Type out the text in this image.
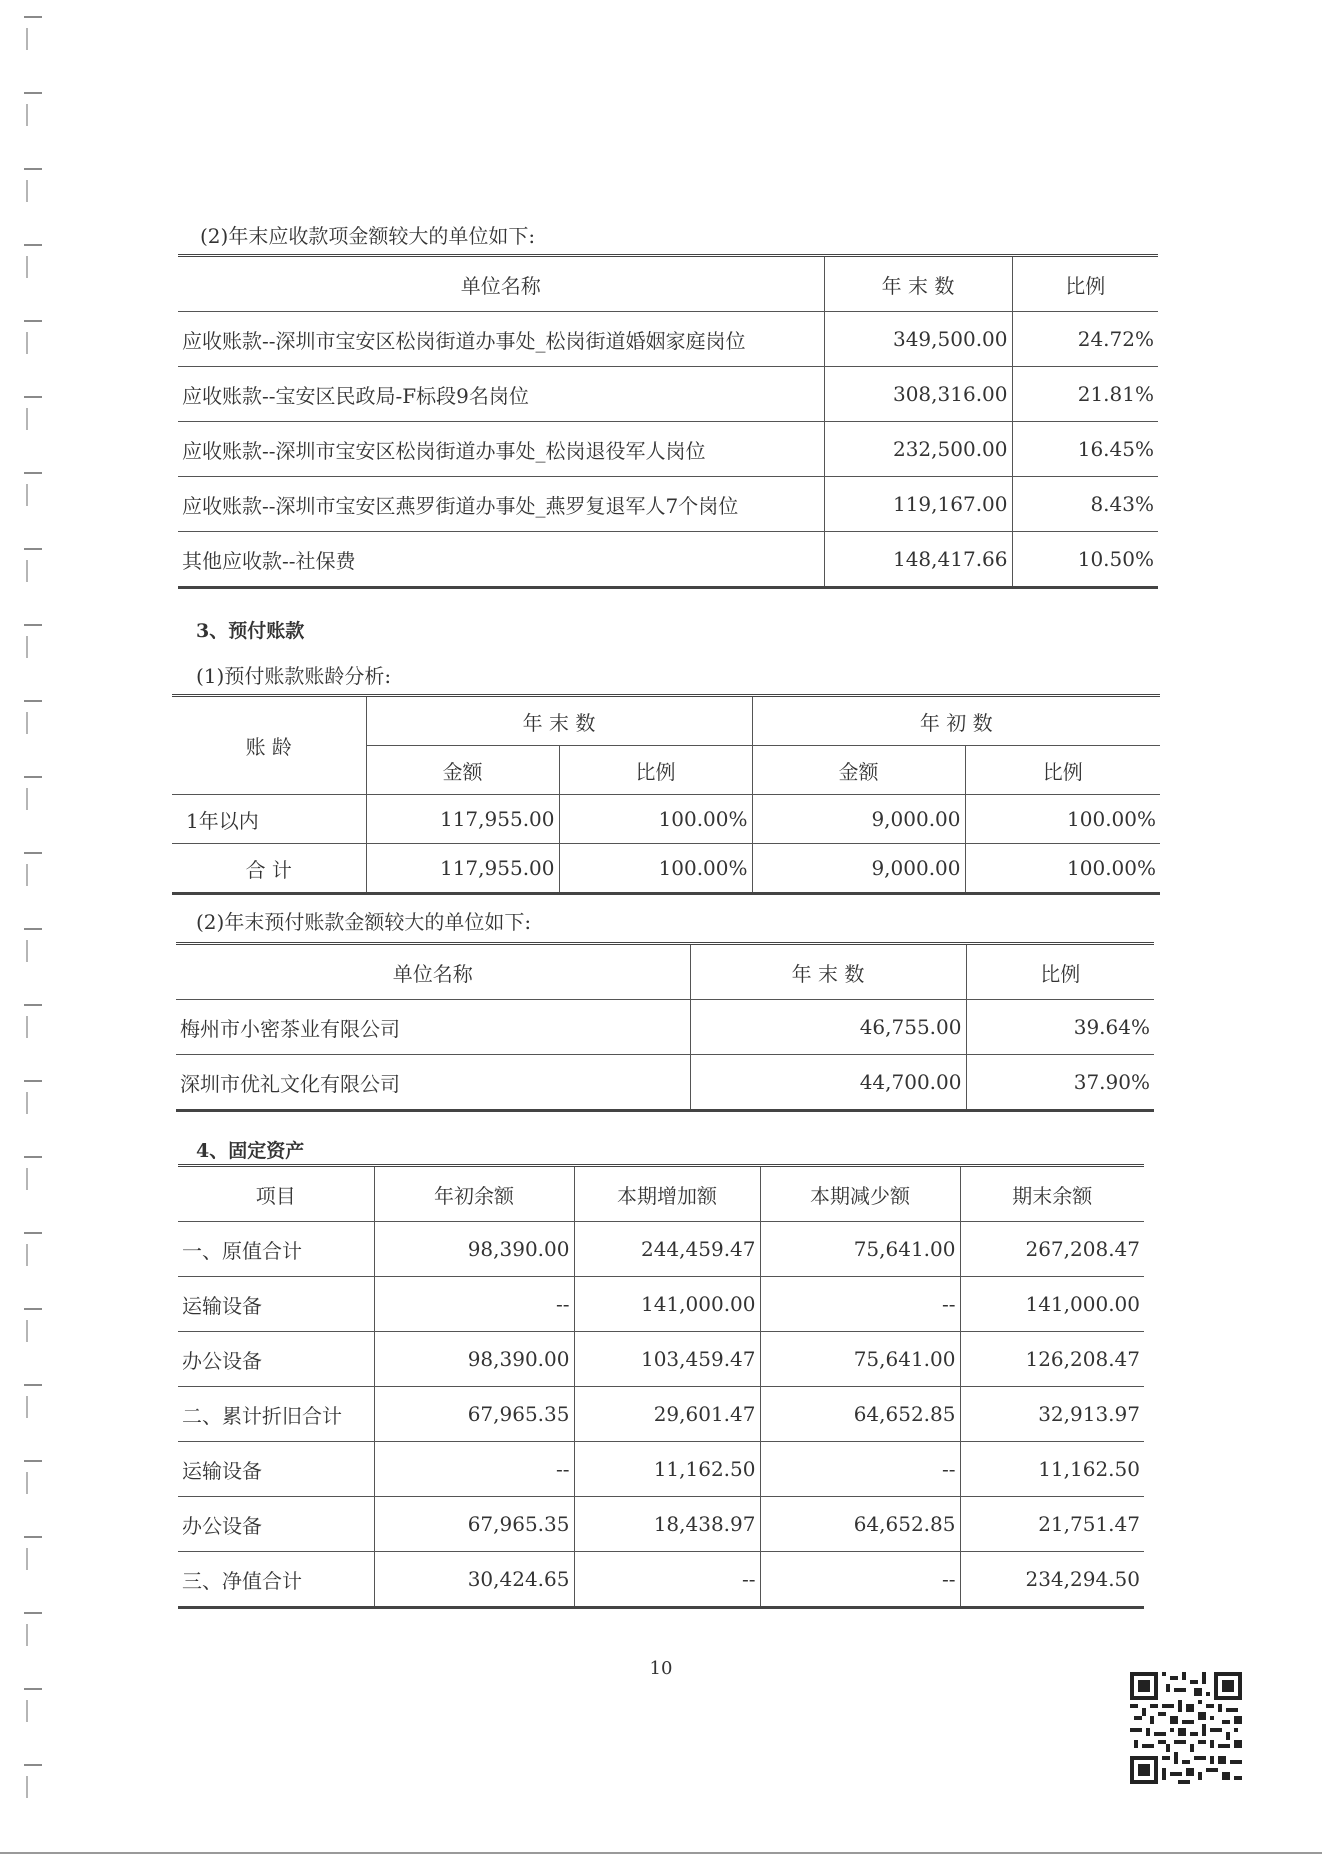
(2)年末应收款项金额较大的单位如下:
单位名称	年 末 数	比例
应收账款--深圳市宝安区松岗街道办事处_松岗街道婚姻家庭岗位	349,500.00	24.72%
应收账款--宝安区民政局-F标段9名岗位	308,316.00	21.81%
应收账款--深圳市宝安区松岗街道办事处_松岗退役军人岗位	232,500.00	16.45%
应收账款--深圳市宝安区燕罗街道办事处_燕罗复退军人7个岗位	119,167.00	8.43%
其他应收款--社保费	148,417.66	10.50%
3、预付账款
(1)预付账款账龄分析:
账 龄	年 末 数		年 初 数	
	金额	比例	金额	比例
1年以内	117,955.00	100.00%	9,000.00	100.00%
合 计	117,955.00	100.00%	9,000.00	100.00%
(2)年末预付账款金额较大的单位如下:
单位名称	年 末 数	比例
梅州市小密茶业有限公司	46,755.00	39.64%
深圳市优礼文化有限公司	44,700.00	37.90%
4、固定资产
项目	年初余额	本期增加额	本期减少额	期末余额
一、原值合计	98,390.00	244,459.47	75,641.00	267,208.47
运输设备	--	141,000.00	--	141,000.00
办公设备	98,390.00	103,459.47	75,641.00	126,208.47
二、累计折旧合计	67,965.35	29,601.47	64,652.85	32,913.97
运输设备	--	11,162.50	--	11,162.50
办公设备	67,965.35	18,438.97	64,652.85	21,751.47
三、净值合计	30,424.65	--	--	234,294.50
10
